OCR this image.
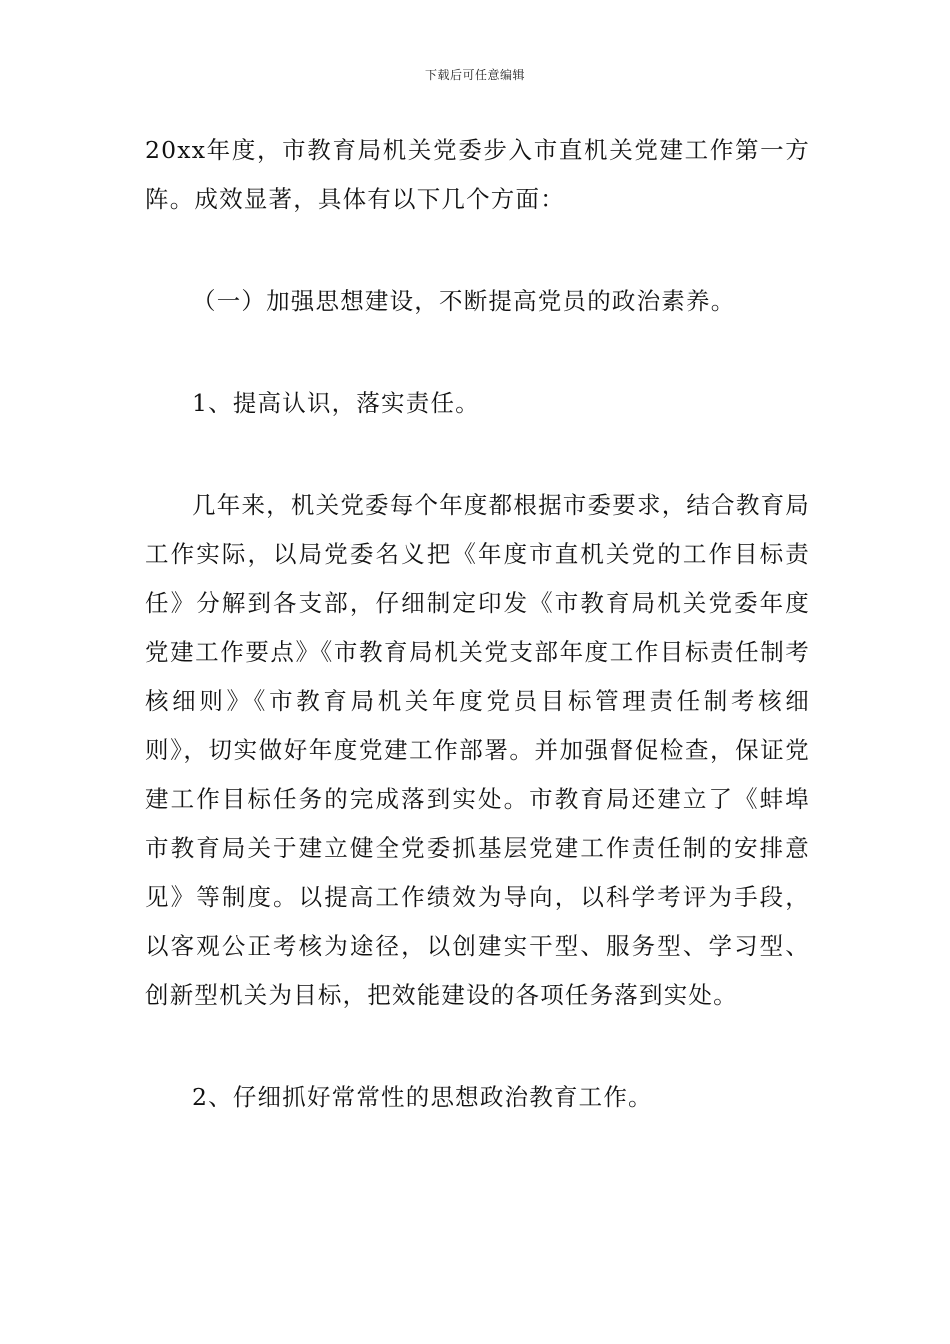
下载后可任意编辑

20xx年度，市教育局机关党委步入市直机关党建工作第一方阵。成效显著，具体有以下几个方面：

（一）加强思想建设，不断提高党员的政治素养。

1、提高认识，落实责任。

几年来，机关党委每个年度都根据市委要求，结合教育局工作实际，以局党委名义把《年度市直机关党的工作目标责任》分解到各支部，仔细制定印发《市教育局机关党委年度党建工作要点》《市教育局机关党支部年度工作目标责任制考核细则》《市教育局机关年度党员目标管理责任制考核细则》，切实做好年度党建工作部署。并加强督促检查，保证党建工作目标任务的完成落到实处。市教育局还建立了《蚌埠市教育局关于建立健全党委抓基层党建工作责任制的安排意见》等制度。以提高工作绩效为导向，以科学考评为手段，以客观公正考核为途径，以创建实干型、服务型、学习型、创新型机关为目标，把效能建设的各项任务落到实处。

2、仔细抓好常常性的思想政治教育工作。
